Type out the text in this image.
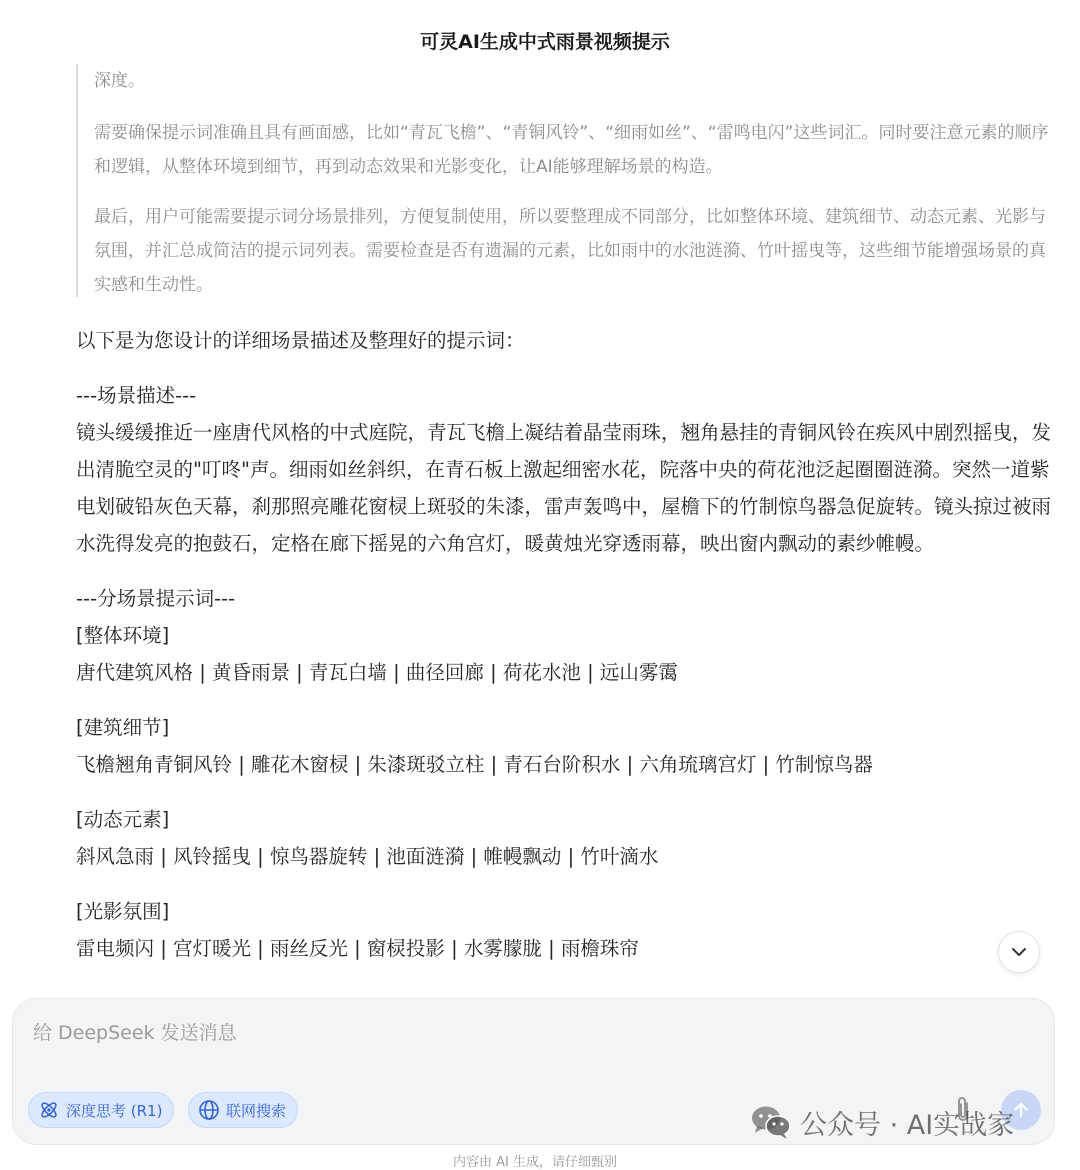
可灵AI生成中式雨景视频提示

深度。

需要确保提示词准确且具有画面感，比如“青瓦飞檐”、“青铜风铃”、“细雨如丝”、“雷鸣电闪”这些词汇。同时要注意元素的顺序和逻辑，从整体环境到细节，再到动态效果和光影变化，让AI能够理解场景的构造。

最后，用户可能需要提示词分场景排列，方便复制使用，所以要整理成不同部分，比如整体环境、建筑细节、动态元素、光影与氛围，并汇总成简洁的提示词列表。需要检查是否有遗漏的元素，比如雨中的水池涟漪、竹叶摇曳等，这些细节能增强场景的真实感和生动性。

以下是为您设计的详细场景描述及整理好的提示词：

---场景描述---

镜头缓缓推近一座唐代风格的中式庭院，青瓦飞檐上凝结着晶莹雨珠，翘角悬挂的青铜风铃在疾风中剧烈摇曳，发出清脆空灵的"叮咚"声。细雨如丝斜织，在青石板上激起细密水花，院落中央的荷花池泛起圈圈涟漪。突然一道紫电划破铅灰色天幕，刹那照亮雕花窗棂上斑驳的朱漆，雷声轰鸣中，屋檐下的竹制惊鸟器急促旋转。镜头掠过被雨水洗得发亮的抱鼓石，定格在廊下摇晃的六角宫灯，暖黄烛光穿透雨幕，映出窗内飘动的素纱帷幔。

---分场景提示词---

[整体环境]

唐代建筑风格 | 黄昏雨景 | 青瓦白墙 | 曲径回廊 | 荷花水池 | 远山雾霭

[建筑细节]

飞檐翘角青铜风铃 | 雕花木窗棂 | 朱漆斑驳立柱 | 青石台阶积水 | 六角琉璃宫灯 | 竹制惊鸟器

[动态元素]

斜风急雨 | 风铃摇曳 | 惊鸟器旋转 | 池面涟漪 | 帷幔飘动 | 竹叶滴水

[光影氛围]

雷电频闪 | 宫灯暖光 | 雨丝反光 | 窗棂投影 | 水雾朦胧 | 雨檐珠帘

给 DeepSeek 发送消息
深度思考 (R1)	联网搜索	公众号 · AI实战家
内容由 AI 生成，请仔细甄别
